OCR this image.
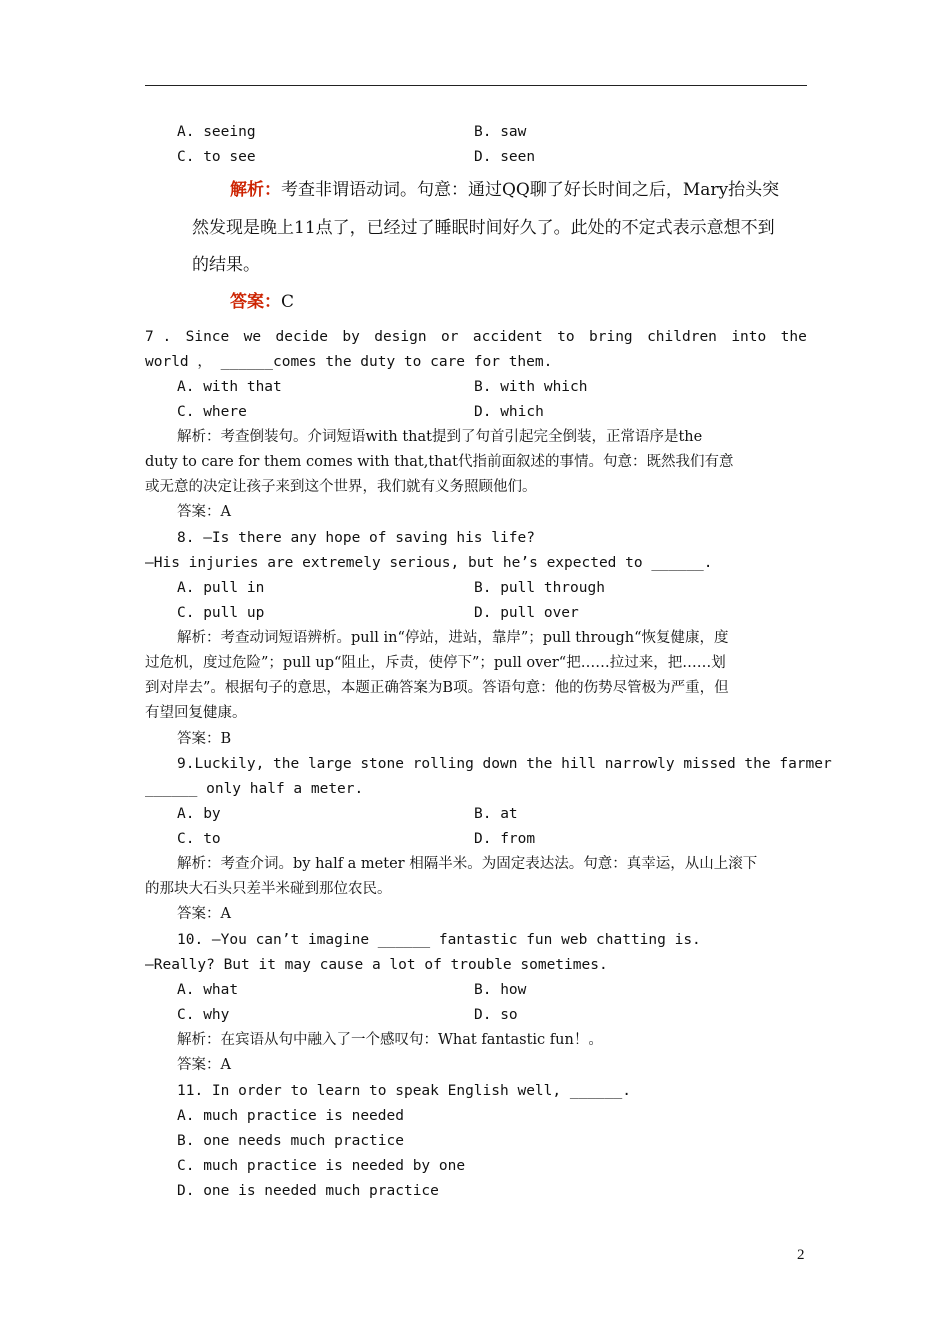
A. seeing	B. saw
C. to see	D. seen
解析：考查非谓语动词。句意：通过QQ聊了好长时间之后，Mary抬头突
然发现是晚上11点了，已经过了睡眠时间好久了。此处的不定式表示意想不到
的结果。
答案：C
7 . Since we decide by design or accident to bring children into the
world ， ______comes the duty to care for them.
A. with that	B. with which
C. where	D. which
解析：考查倒装句。介词短语with that提到了句首引起完全倒装，正常语序是the
duty to care for them comes with that,that代指前面叙述的事情。句意：既然我们有意
或无意的决定让孩子来到这个世界，我们就有义务照顾他们。
答案：A
8. —Is there any hope of saving his life?
—His injuries are extremely serious, but he’s expected to ______.
A. pull in	B. pull through
C. pull up	D. pull over
解析：考查动词短语辨析。pull in“停站，进站，靠岸”；pull through“恢复健康，度
过危机，度过危险”；pull up“阻止，斥责，使停下”；pull over“把……拉过来，把……划
到对岸去”。根据句子的意思，本题正确答案为B项。答语句意：他的伤势尽管极为严重，但
有望回复健康。
答案：B
9.Luckily, the large stone rolling down the hill narrowly missed the farmer
______ only half a meter.
A. by	B. at
C. to	D. from
解析：考查介词。by half a meter 相隔半米。为固定表达法。句意：真幸运，从山上滚下
的那块大石头只差半米碰到那位农民。
答案：A
10. —You can’t imagine ______ fantastic fun web chatting is.
—Really? But it may cause a lot of trouble sometimes.
A. what	B. how
C. why	D. so
解析：在宾语从句中融入了一个感叹句：What fantastic fun！。
答案：A
11. In order to learn to speak English well, ______.
A. much practice is needed
B. one needs much practice
C. much practice is needed by one
D. one is needed much practice
2
